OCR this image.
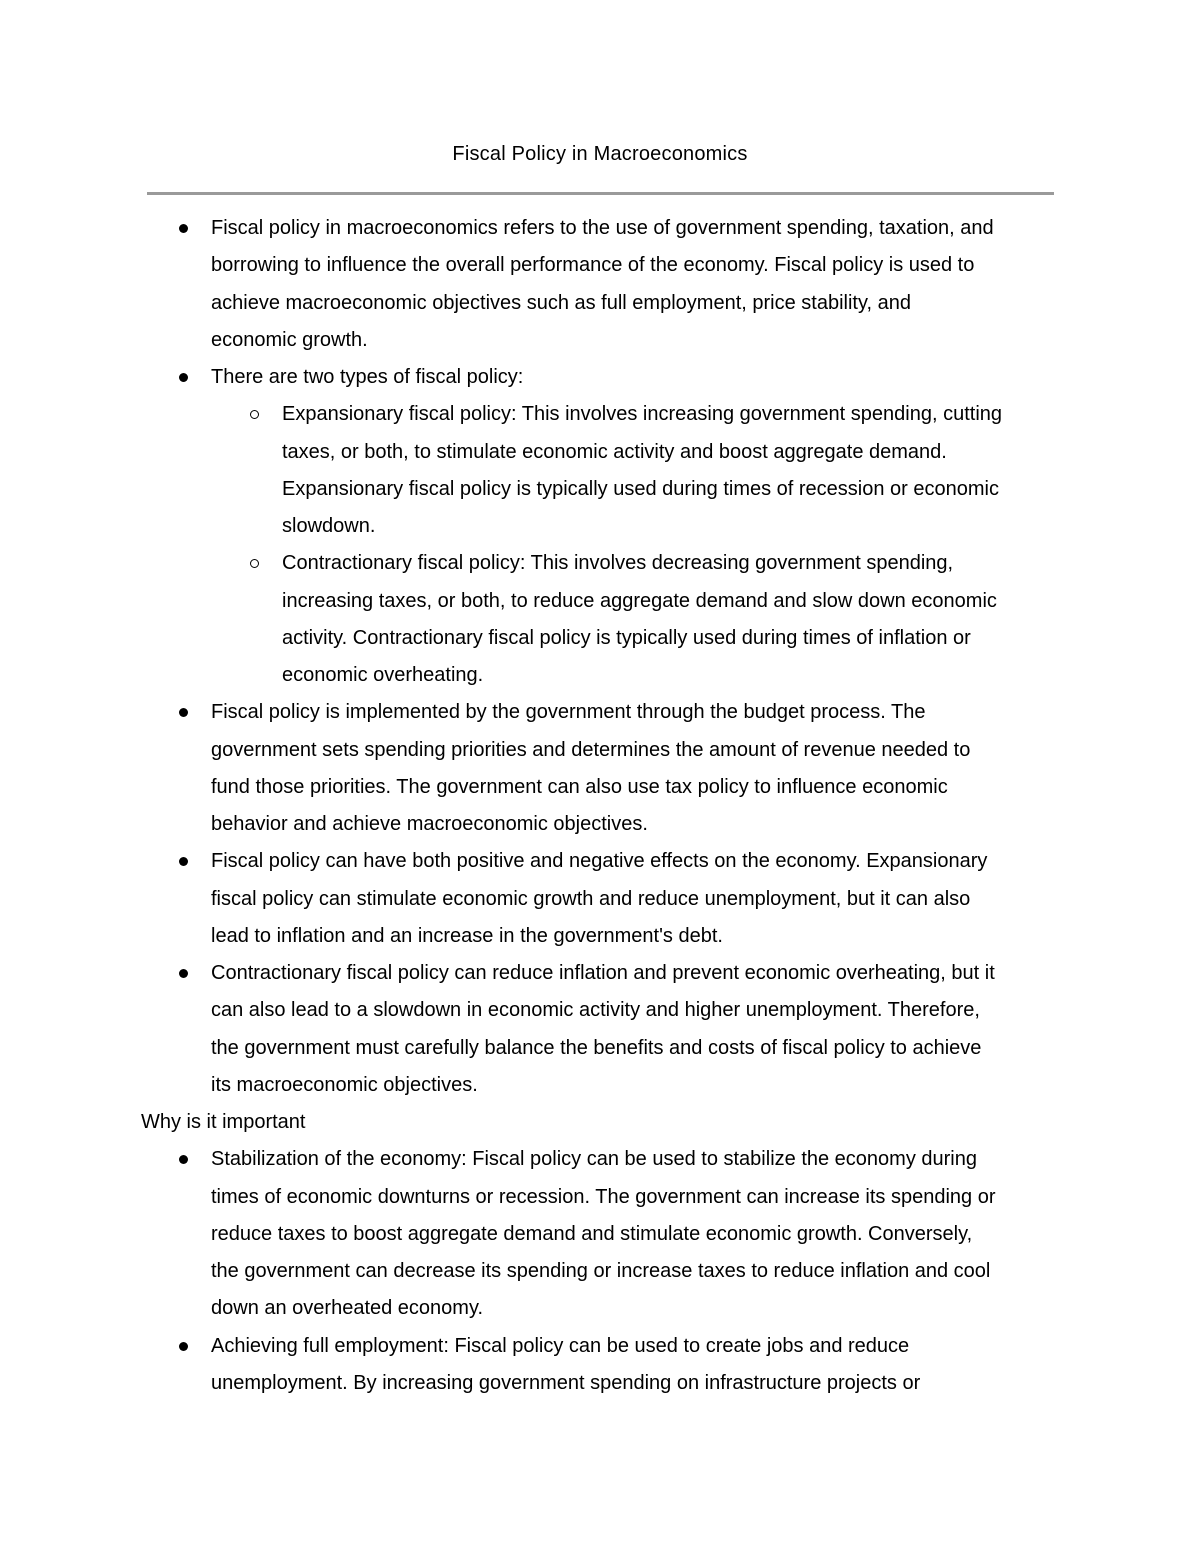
Fiscal Policy in Macroeconomics
Fiscal policy in macroeconomics refers to the use of government spending, taxation, and
borrowing to influence the overall performance of the economy. Fiscal policy is used to
achieve macroeconomic objectives such as full employment, price stability, and
economic growth.
There are two types of fiscal policy:
Expansionary fiscal policy: This involves increasing government spending, cutting
taxes, or both, to stimulate economic activity and boost aggregate demand.
Expansionary fiscal policy is typically used during times of recession or economic
slowdown.
Contractionary fiscal policy: This involves decreasing government spending,
increasing taxes, or both, to reduce aggregate demand and slow down economic
activity. Contractionary fiscal policy is typically used during times of inflation or
economic overheating.
Fiscal policy is implemented by the government through the budget process. The
government sets spending priorities and determines the amount of revenue needed to
fund those priorities. The government can also use tax policy to influence economic
behavior and achieve macroeconomic objectives.
Fiscal policy can have both positive and negative effects on the economy. Expansionary
fiscal policy can stimulate economic growth and reduce unemployment, but it can also
lead to inflation and an increase in the government's debt.
Contractionary fiscal policy can reduce inflation and prevent economic overheating, but it
can also lead to a slowdown in economic activity and higher unemployment. Therefore,
the government must carefully balance the benefits and costs of fiscal policy to achieve
its macroeconomic objectives.
Why is it important
Stabilization of the economy: Fiscal policy can be used to stabilize the economy during
times of economic downturns or recession. The government can increase its spending or
reduce taxes to boost aggregate demand and stimulate economic growth. Conversely,
the government can decrease its spending or increase taxes to reduce inflation and cool
down an overheated economy.
Achieving full employment: Fiscal policy can be used to create jobs and reduce
unemployment. By increasing government spending on infrastructure projects or
